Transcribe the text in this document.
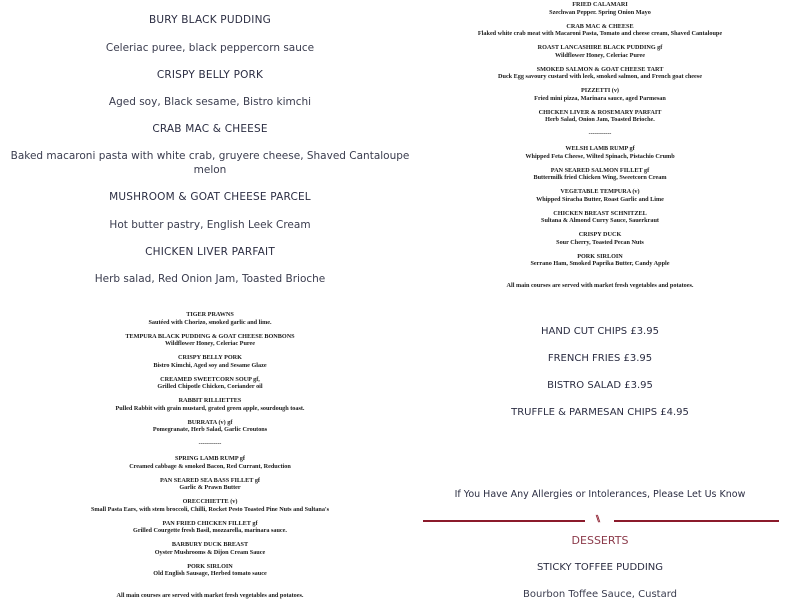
BURY BLACK PUDDING
Celeriac puree, black peppercorn sauce
CRISPY BELLY PORK
Aged soy, Black sesame, Bistro kimchi
CRAB MAC & CHEESE
Baked macaroni pasta with white crab, gruyere cheese, Shaved Cantaloupe melon
MUSHROOM & GOAT CHEESE PARCEL
Hot butter pastry, English Leek Cream
CHICKEN LIVER PARFAIT
Herb salad, Red Onion Jam, Toasted Brioche
TIGER PRAWNS
Sautéed with Chorizo, smoked garlic and lime.
TEMPURA BLACK PUDDING & GOAT CHEESE BONBONS
Wildflower Honey, Celeriac Puree
CRISPY BELLY PORK
Bistro Kimchi, Aged soy and Sesame Glaze
CREAMED SWEETCORN SOUP gf,
Grilled Chipotle Chicken, Coriander oil
RABBIT RILLIETTES
Pulled Rabbit with grain mustard, grated green apple, sourdough toast.
BURRATA (v) gf
Pomegranate, Herb Salad, Garlic Croutons
-----------
SPRING LAMB RUMP gf
Creamed cabbage & smoked Bacon, Red Currant, Reduction
PAN SEARED SEA BASS FILLET gf
Garlic & Prawn Butter
ORECCHIETTE (v)
Small Pasta Ears, with stem broccoli, Chilli, Rocket Pesto Toasted Pine Nuts and Sultana's
PAN FRIED CHICKEN FILLET gf
Grilled Courgette fresh Basil, mozzarella, marinara sauce.
BARBURY DUCK BREAST
Oyster Mushrooms & Dijon Cream Sauce
PORK SIRLOIN
Old English Sausage, Herbed tomato sauce
All main courses are served with market fresh vegetables and potatoes.
FRIED CALAMARI
Szechwan Pepper. Spring Onion Mayo
CRAB MAC & CHEESE
Flaked white crab meat with Macaroni Pasta, Tomato and cheese cream, Shaved Cantaloupe
ROAST LANCASHIRE BLACK PUDDING gf
Wildflower Honey, Celeriac Puree
SMOKED SALMON & GOAT CHEESE TART
Duck Egg savoury custard with leek, smoked salmon, and French goat cheese
PIZZETTI (v)
Fried mini pizza, Marinara sauce, aged Parmesan
CHICKEN LIVER & ROSEMARY PARFAIT
Herb Salad, Onion Jam, Toasted Brioche.
-----------
WELSH LAMB RUMP gf
Whipped Feta Cheese, Wilted Spinach, Pistachio Crumb
PAN SEARED SALMON FILLET gf
Buttermilk fried Chicken Wing, Sweetcorn Cream
VEGETABLE TEMPURA (v)
Whipped Siracha Butter, Roast Garlic and Lime
CHICKEN BREAST SCHNITZEL
Sultana & Almond Curry Sauce, Sauerkraut
CRISPY DUCK
Sour Cherry, Toasted Pecan Nuts
PORK SIRLOIN
Serrano Ham, Smoked Paprika Butter, Candy Apple
All main courses are served with market fresh vegetables and potatoes.
HAND CUT CHIPS £3.95
FRENCH FRIES £3.95
BISTRO SALAD £3.95
TRUFFLE & PARMESAN CHIPS £4.95
If You Have Any Allergies or Intolerances, Please Let Us Know
⑊
DESSERTS
STICKY TOFFEE PUDDING
Bourbon Toffee Sauce, Custard
